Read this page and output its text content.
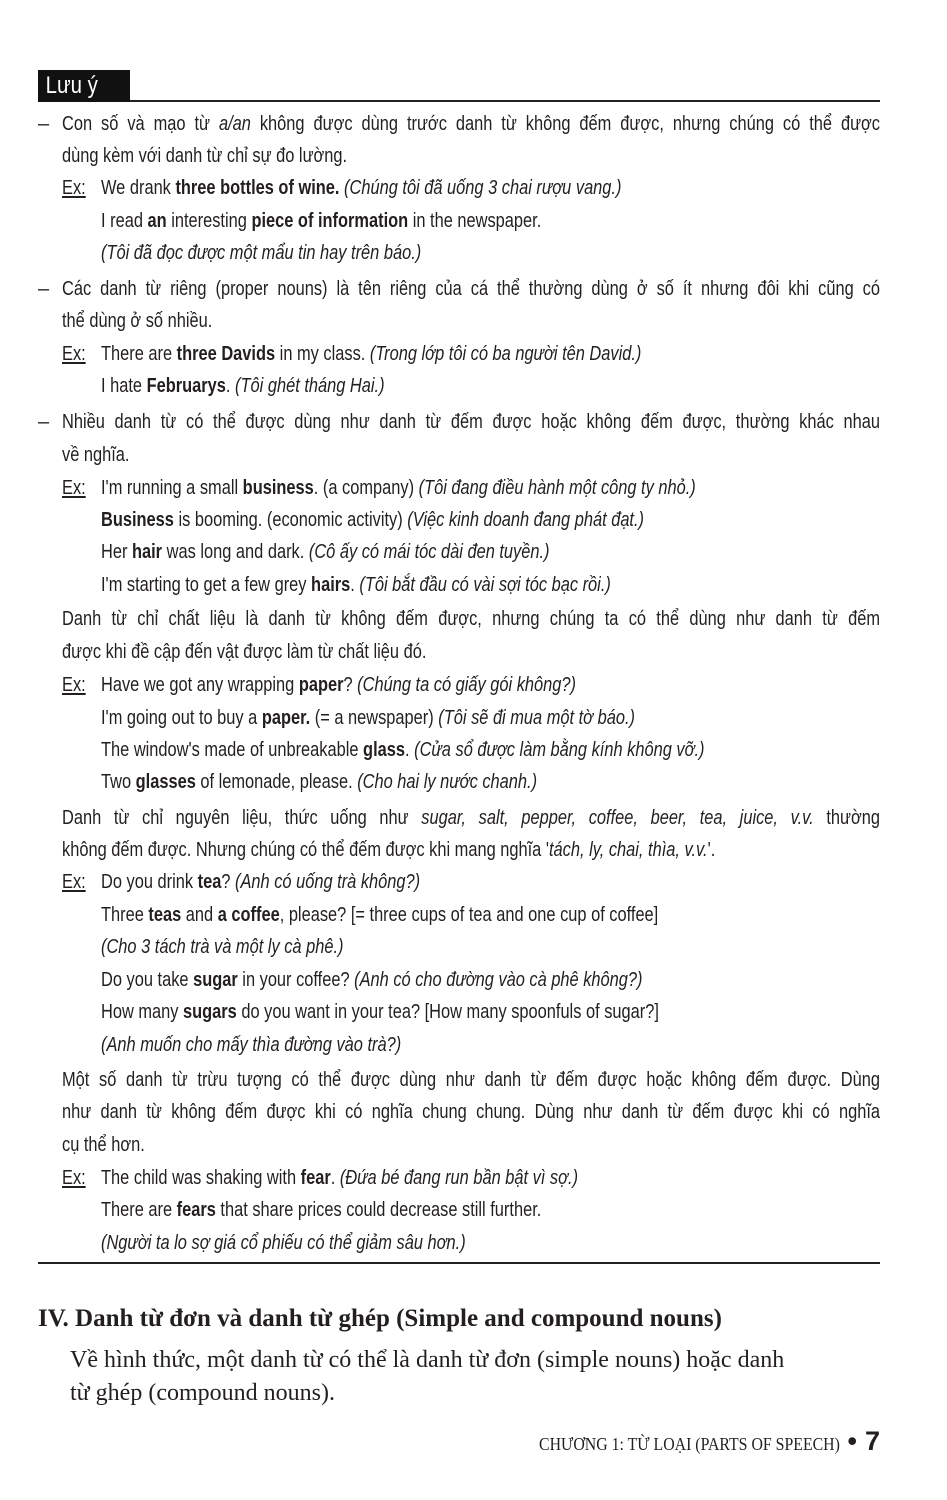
Lưu ý
– Con số và mạo từ a/an không được dùng trước danh từ không đếm được, nhưng chúng có thể được
dùng kèm với danh từ chỉ sự đo lường.
Ex: We drank three bottles of wine. (Chúng tôi đã uống 3 chai rượu vang.)
I read an interesting piece of information in the newspaper.
(Tôi đã đọc được một mẩu tin hay trên báo.)
– Các danh từ riêng (proper nouns) là tên riêng của cá thể thường dùng ở số ít nhưng đôi khi cũng có
thể dùng ở số nhiều.
Ex: There are three Davids in my class. (Trong lớp tôi có ba người tên David.)
I hate Februarys. (Tôi ghét tháng Hai.)
– Nhiều danh từ có thể được dùng như danh từ đếm được hoặc không đếm được, thường khác nhau
về nghĩa.
Ex: I'm running a small business. (a company) (Tôi đang điều hành một công ty nhỏ.)
Business is booming. (economic activity) (Việc kinh doanh đang phát đạt.)
Her hair was long and dark. (Cô ấy có mái tóc dài đen tuyền.)
I'm starting to get a few grey hairs. (Tôi bắt đầu có vài sợi tóc bạc rồi.)
Danh từ chỉ chất liệu là danh từ không đếm được, nhưng chúng ta có thể dùng như danh từ đếm
được khi đề cập đến vật được làm từ chất liệu đó.
Ex: Have we got any wrapping paper? (Chúng ta có giấy gói không?)
I'm going out to buy a paper. (= a newspaper) (Tôi sẽ đi mua một tờ báo.)
The window's made of unbreakable glass. (Cửa sổ được làm bằng kính không vỡ.)
Two glasses of lemonade, please. (Cho hai ly nước chanh.)
Danh từ chỉ nguyên liệu, thức uống như sugar, salt, pepper, coffee, beer, tea, juice, v.v. thường
không đếm được. Nhưng chúng có thể đếm được khi mang nghĩa 'tách, ly, chai, thìa, v.v.'.
Ex: Do you drink tea? (Anh có uống trà không?)
Three teas and a coffee, please? [= three cups of tea and one cup of coffee]
(Cho 3 tách trà và một ly cà phê.)
Do you take sugar in your coffee? (Anh có cho đường vào cà phê không?)
How many sugars do you want in your tea? [How many spoonfuls of sugar?]
(Anh muốn cho mấy thìa đường vào trà?)
Một số danh từ trừu tượng có thể được dùng như danh từ đếm được hoặc không đếm được. Dùng
như danh từ không đếm được khi có nghĩa chung chung. Dùng như danh từ đếm được khi có nghĩa
cụ thể hơn.
Ex: The child was shaking with fear. (Đứa bé đang run bần bật vì sợ.)
There are fears that share prices could decrease still further.
(Người ta lo sợ giá cổ phiếu có thể giảm sâu hơn.)
IV. Danh từ đơn và danh từ ghép (Simple and compound nouns)
Về hình thức, một danh từ có thể là danh từ đơn (simple nouns) hoặc danh
từ ghép (compound nouns).
CHƯƠNG 1: TỪ LOẠI (PARTS OF SPEECH) • 7
